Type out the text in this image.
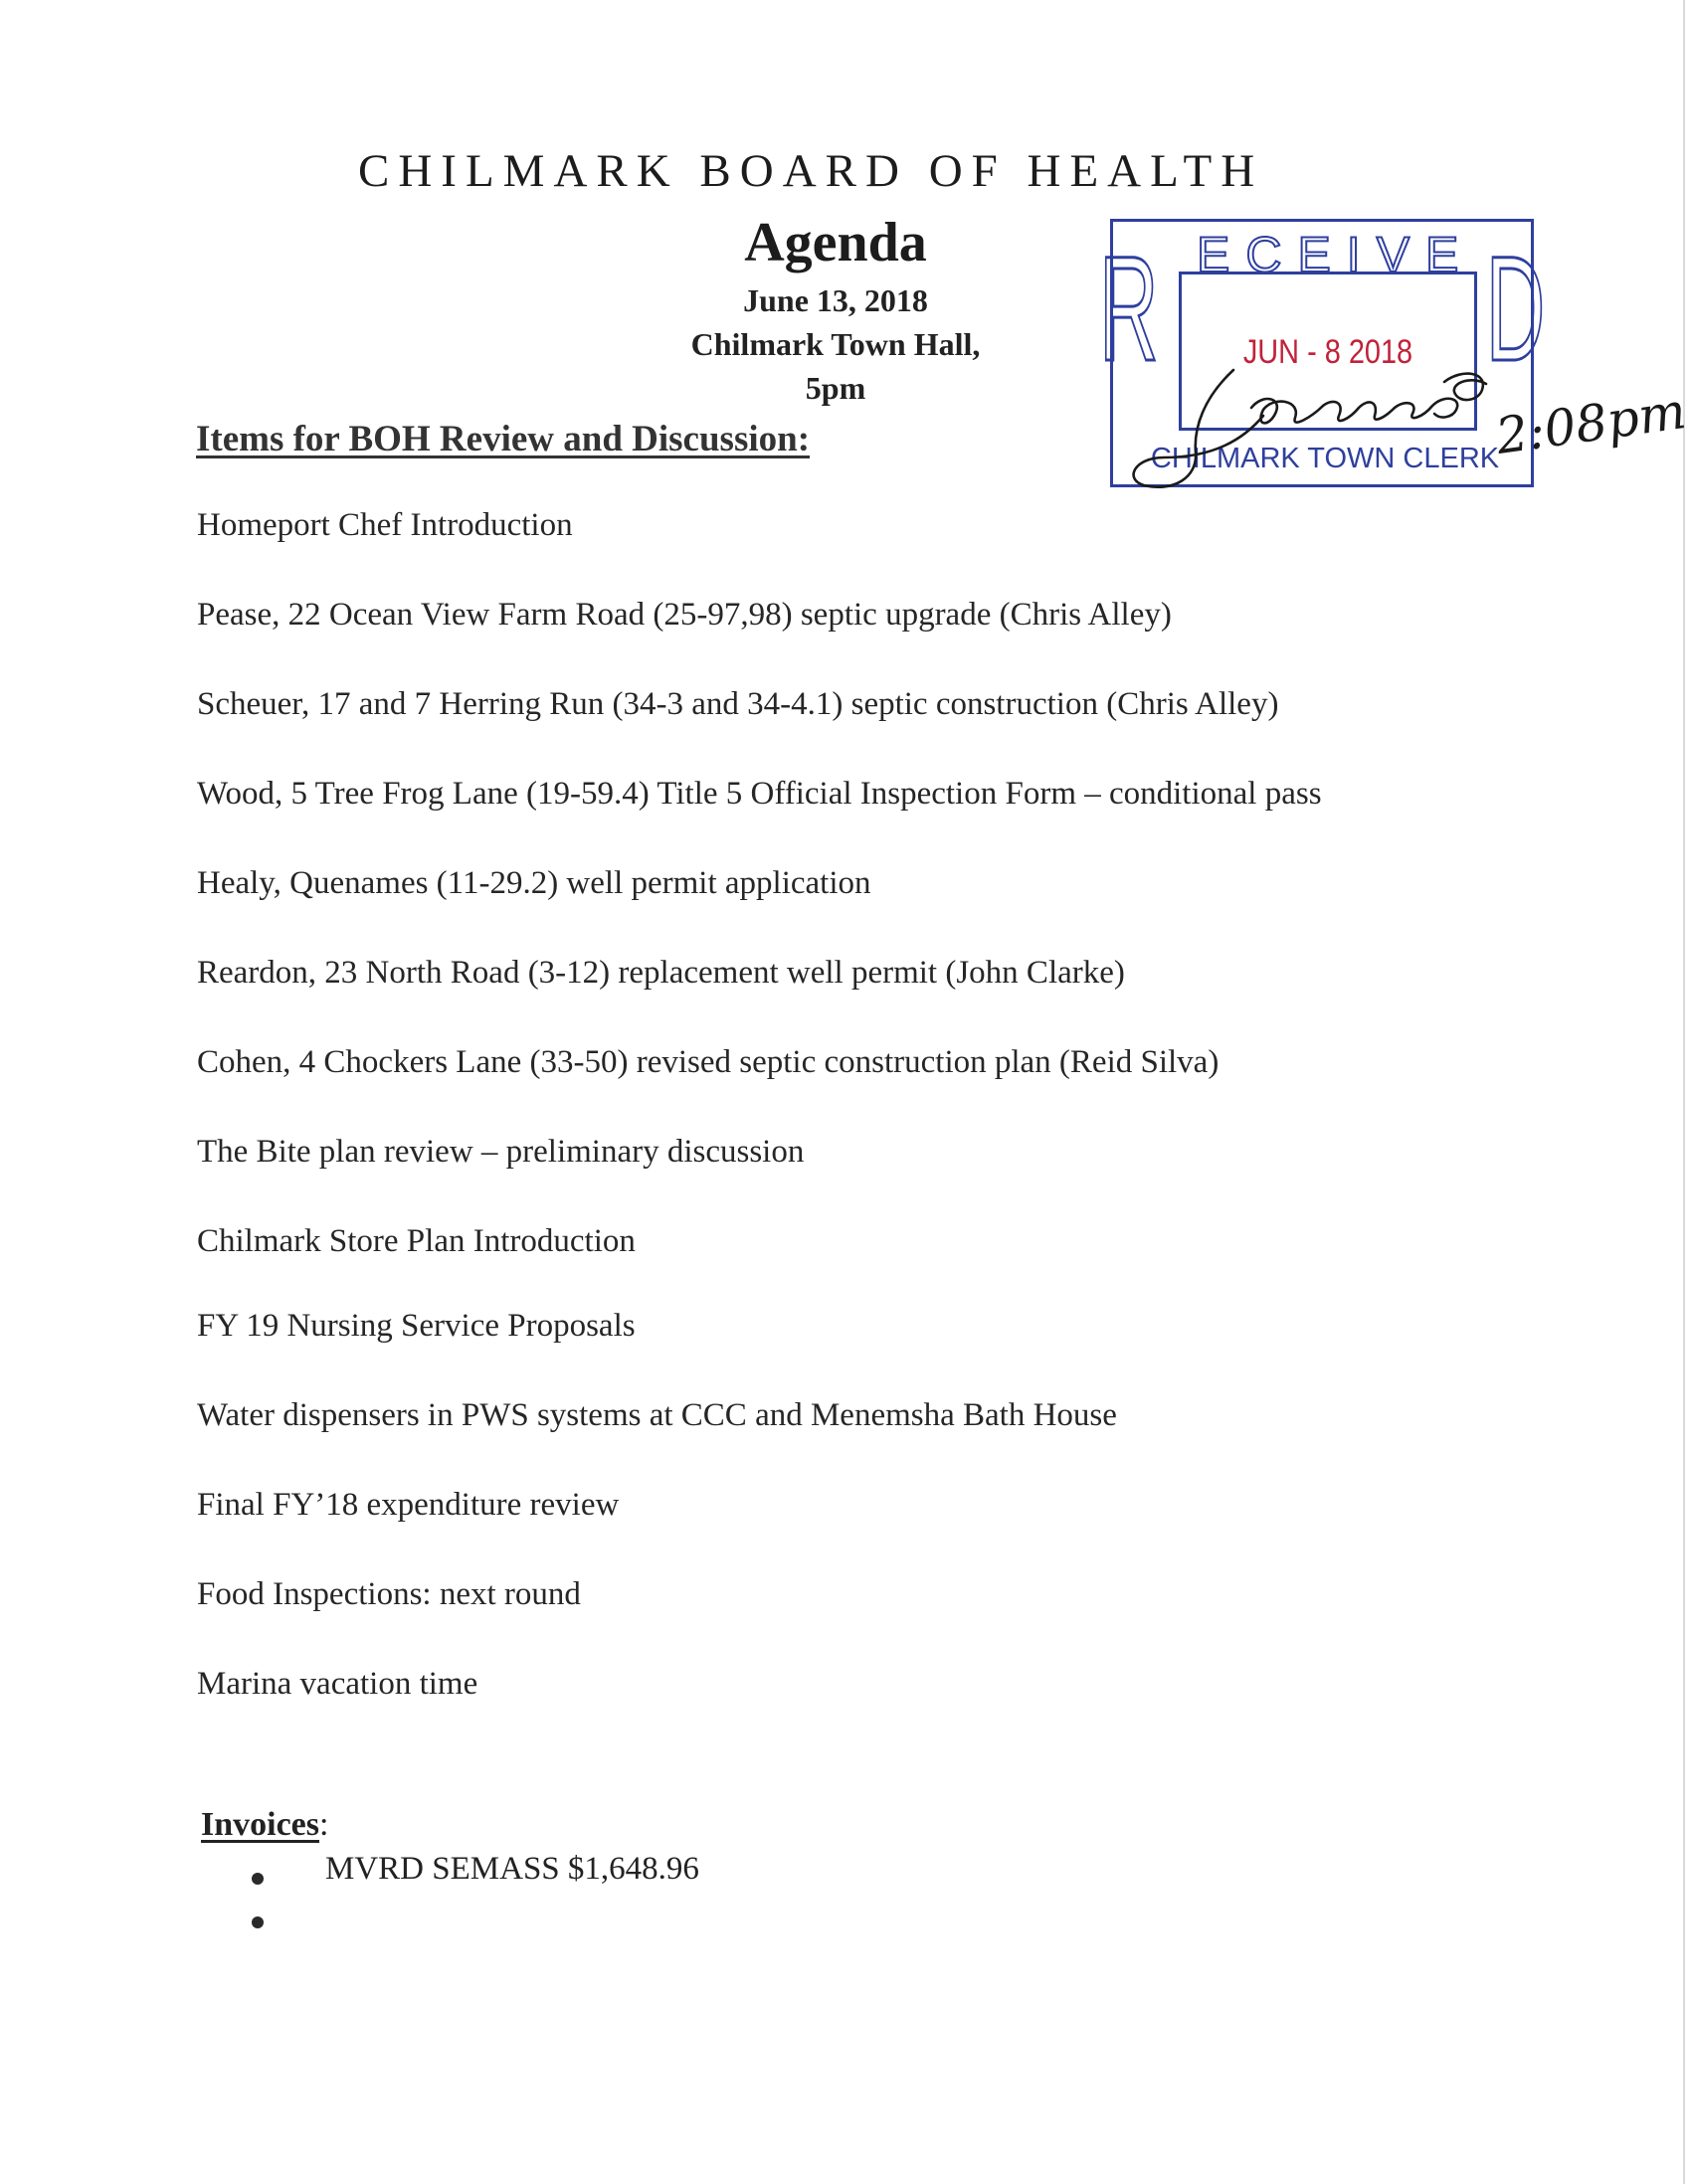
CHILMARK BOARD OF HEALTH
Agenda
June 13, 2018
Chilmark Town Hall,
5pm
Items for BOH Review and Discussion:
Homeport Chef Introduction
Pease, 22 Ocean View Farm Road (25-97,98) septic upgrade (Chris Alley)
Scheuer, 17 and 7 Herring Run (34-3 and 34-4.1) septic construction (Chris Alley)
Wood, 5 Tree Frog Lane (19-59.4) Title 5 Official Inspection Form – conditional pass
Healy, Quenames (11-29.2) well permit application
Reardon, 23 North Road (3-12) replacement well permit (John Clarke)
Cohen, 4 Chockers Lane (33-50) revised septic construction plan (Reid Silva)
The Bite plan review – preliminary discussion
Chilmark Store Plan Introduction
FY 19 Nursing Service Proposals
Water dispensers in PWS systems at CCC and Menemsha Bath House
Final FY’18 expenditure review
Food Inspections: next round
Marina vacation time
Invoices:
MVRD SEMASS $1,648.96
R ECEIVE D
JUN - 8 2018
CHILMARK TOWN CLERK
2:08pm
